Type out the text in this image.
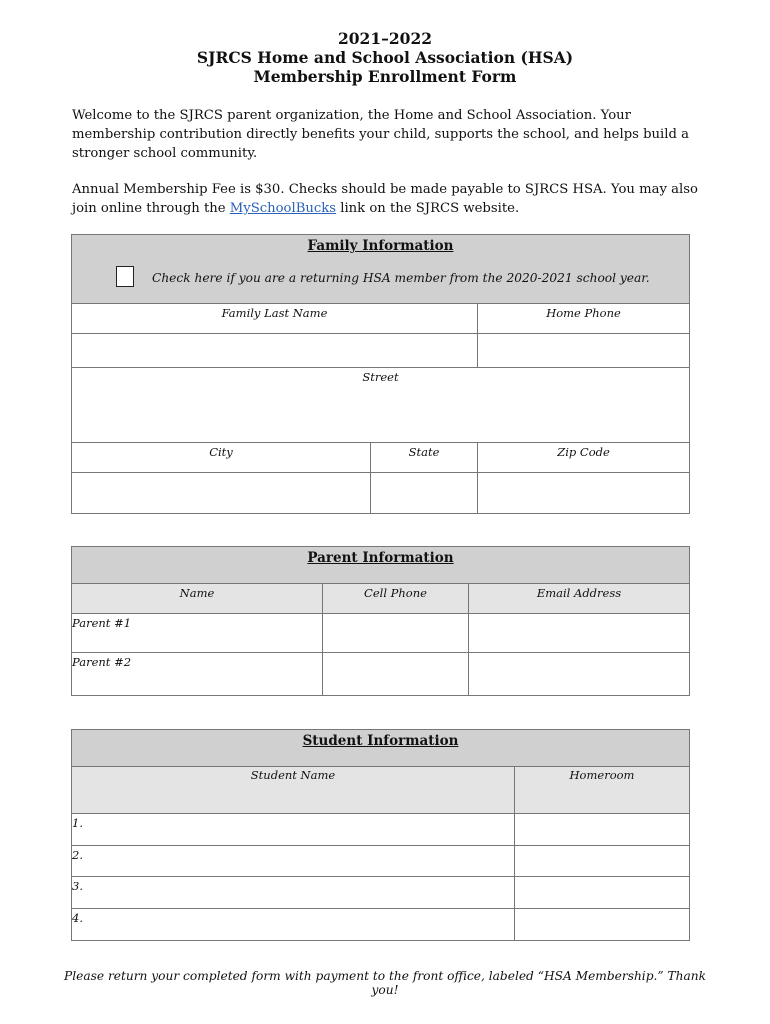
2021–2022
SJRCS Home and School Association (HSA)
Membership Enrollment Form
Welcome to the SJRCS parent organization, the Home and School Association. Your membership contribution directly benefits your child, supports the school, and helps build a stronger school community.
Annual Membership Fee is $30. Checks should be made payable to SJRCS HSA. You may also join online through the MySchoolBucks link on the SJRCS website.
Family Information
Check here if you are a returning HSA member from the 2020-2021 school year.
Family Last Name	Home Phone
Street
City	State	Zip Code
Parent Information
Name	Cell Phone	Email Address
Parent #1
Parent #2
Student Information
Student Name	Homeroom
1.
2.
3.
4.
Please return your completed form with payment to the front office, labeled “HSA Membership.” Thank you!
